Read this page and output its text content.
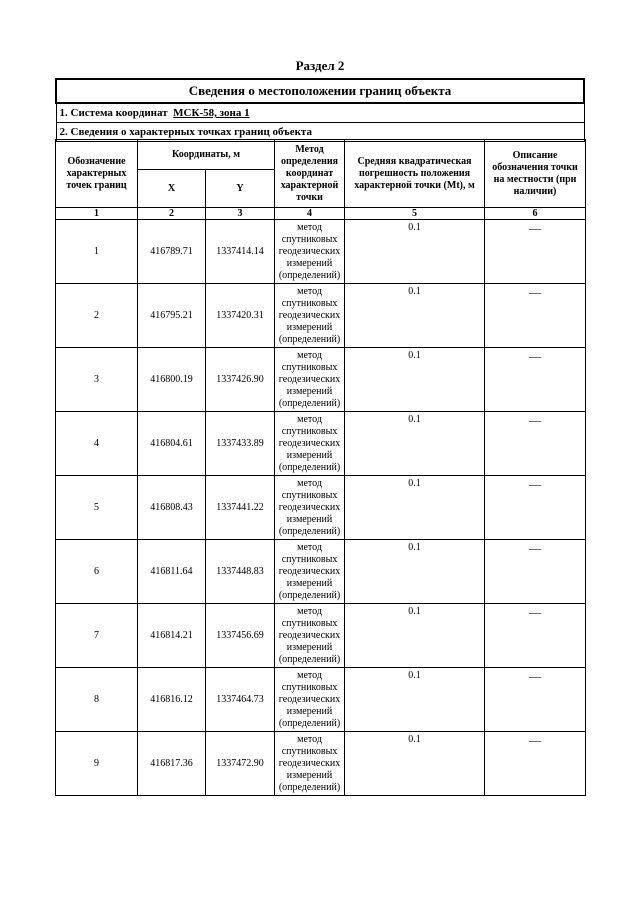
Раздел 2
Сведения о местоположении границ объекта
1. Система координат МСК-58, зона 1
2. Сведения о характерных точках границ объекта
Обозначение характерных точек границ	Координаты, м		Метод определения координат характерной точки	Средняя квадратическая погрешность положения характерной точки (Mt), м	Описание обозначения точки на местности (при наличии)
	X	Y			
1	2	3	4	5	6
1	416789.71	1337414.14	метод спутниковых геодезических измерений (определений)	0.1	—
2	416795.21	1337420.31	метод спутниковых геодезических измерений (определений)	0.1	—
3	416800.19	1337426.90	метод спутниковых геодезических измерений (определений)	0.1	—
4	416804.61	1337433.89	метод спутниковых геодезических измерений (определений)	0.1	—
5	416808.43	1337441.22	метод спутниковых геодезических измерений (определений)	0.1	—
6	416811.64	1337448.83	метод спутниковых геодезических измерений (определений)	0.1	—
7	416814.21	1337456.69	метод спутниковых геодезических измерений (определений)	0.1	—
8	416816.12	1337464.73	метод спутниковых геодезических измерений (определений)	0.1	—
9	416817.36	1337472.90	метод спутниковых геодезических измерений (определений)	0.1	—
